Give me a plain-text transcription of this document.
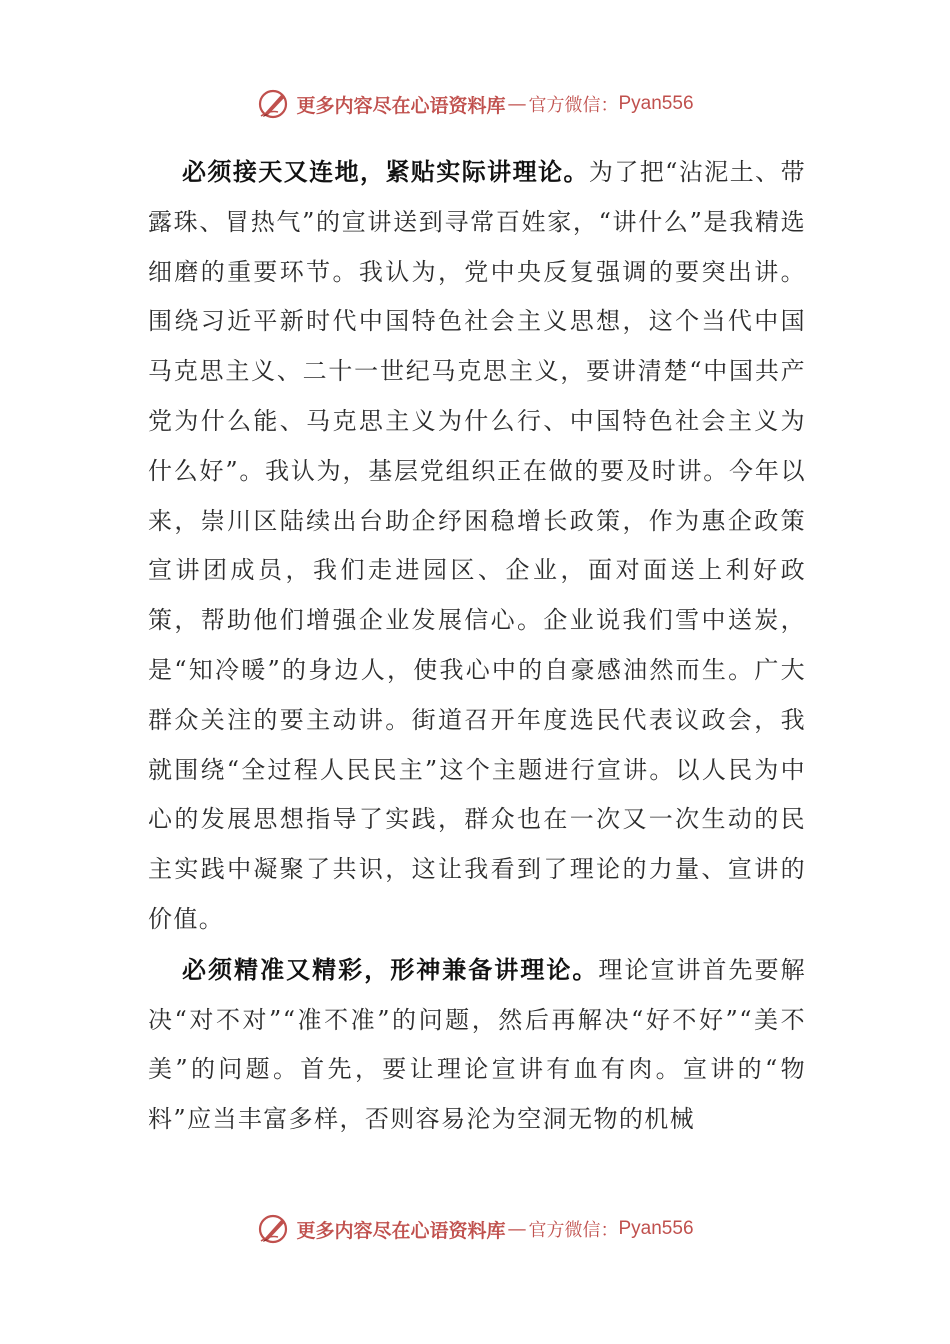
更多内容尽在心语资料库 — 官方微信： Pyan556

必须接天又连地，紧贴实际讲理论。为了把“沾泥土、带露珠、冒热气”的宣讲送到寻常百姓家，“讲什么”是我精选细磨的重要环节。我认为，党中央反复强调的要突出讲。围绕习近平新时代中国特色社会主义思想，这个当代中国马克思主义、二十一世纪马克思主义，要讲清楚“中国共产党为什么能、马克思主义为什么行、中国特色社会主义为什么好”。我认为，基层党组织正在做的要及时讲。今年以来，崇川区陆续出台助企纾困稳增长政策，作为惠企政策宣讲团成员，我们走进园区、企业，面对面送上利好政策，帮助他们增强企业发展信心。企业说我们雪中送炭，是“知冷暖”的身边人，使我心中的自豪感油然而生。广大群众关注的要主动讲。街道召开年度选民代表议政会，我就围绕“全过程人民民主”这个主题进行宣讲。以人民为中心的发展思想指导了实践，群众也在一次又一次生动的民主实践中凝聚了共识，这让我看到了理论的力量、宣讲的价值。

必须精准又精彩，形神兼备讲理论。理论宣讲首先要解决“对不对”“准不准”的问题，然后再解决“好不好”“美不美”的问题。首先，要让理论宣讲有血有肉。宣讲的“物料”应当丰富多样，否则容易沦为空洞无物的机械

更多内容尽在心语资料库 — 官方微信： Pyan556
